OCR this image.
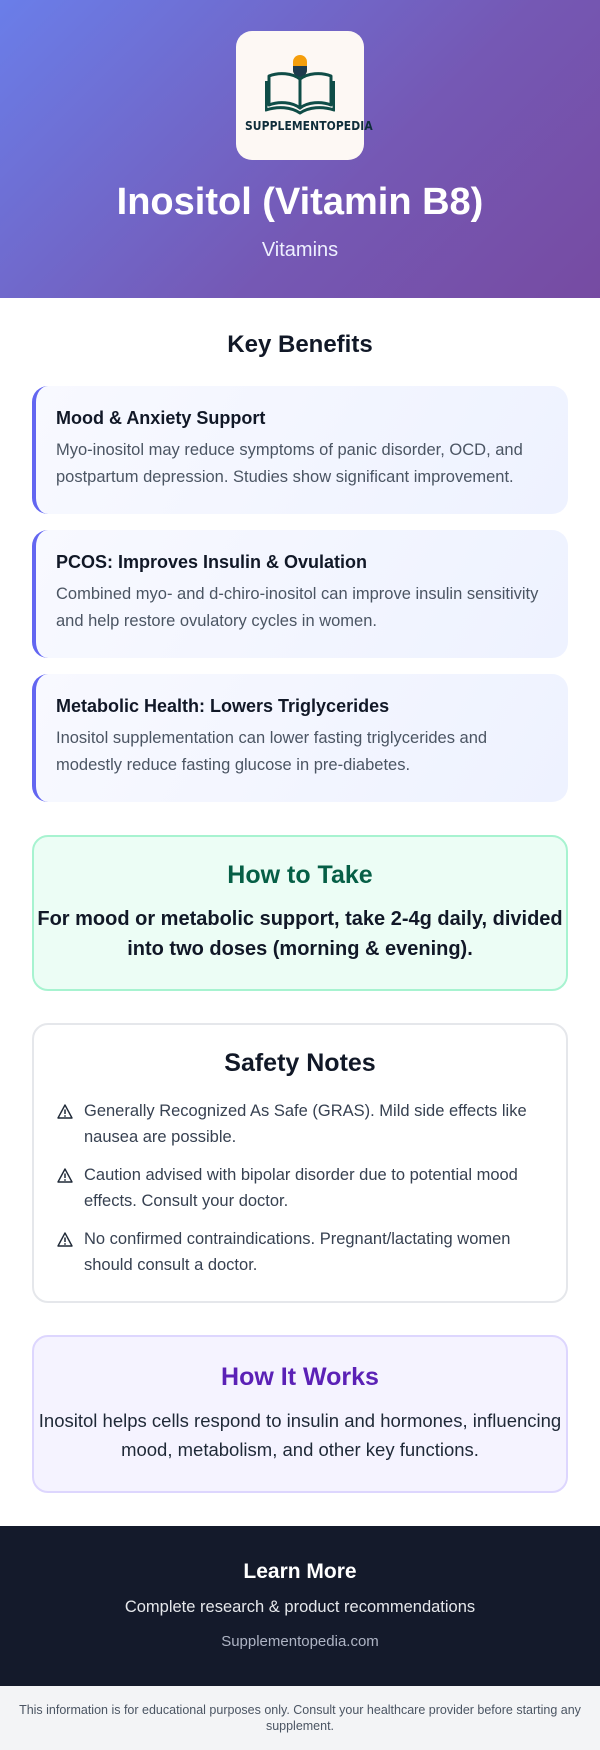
SUPPLEMENTOPEDIA
Inositol (Vitamin B8)
Vitamins
Key Benefits
Mood & Anxiety Support

Myo-inositol may reduce symptoms of panic disorder, OCD, and postpartum depression. Studies show significant improvement.

PCOS: Improves Insulin & Ovulation

Combined myo- and d-chiro-inositol can improve insulin sensitivity and help restore ovulatory cycles in women.

Metabolic Health: Lowers Triglycerides

Inositol supplementation can lower fasting triglycerides and modestly reduce fasting glucose in pre-diabetes.

How to Take

For mood or metabolic support, take 2-4g daily, divided into two doses (morning & evening).

Safety Notes
Generally Recognized As Safe (GRAS). Mild side effects like nausea are possible.
Caution advised with bipolar disorder due to potential mood effects. Consult your doctor.
No confirmed contraindications. Pregnant/lactating women should consult a doctor.
How It Works

Inositol helps cells respond to insulin and hormones, influencing mood, metabolism, and other key functions.

Learn More
Complete research & product recommendations
Supplementopedia.com
This information is for educational purposes only. Consult your healthcare provider before starting any supplement.
